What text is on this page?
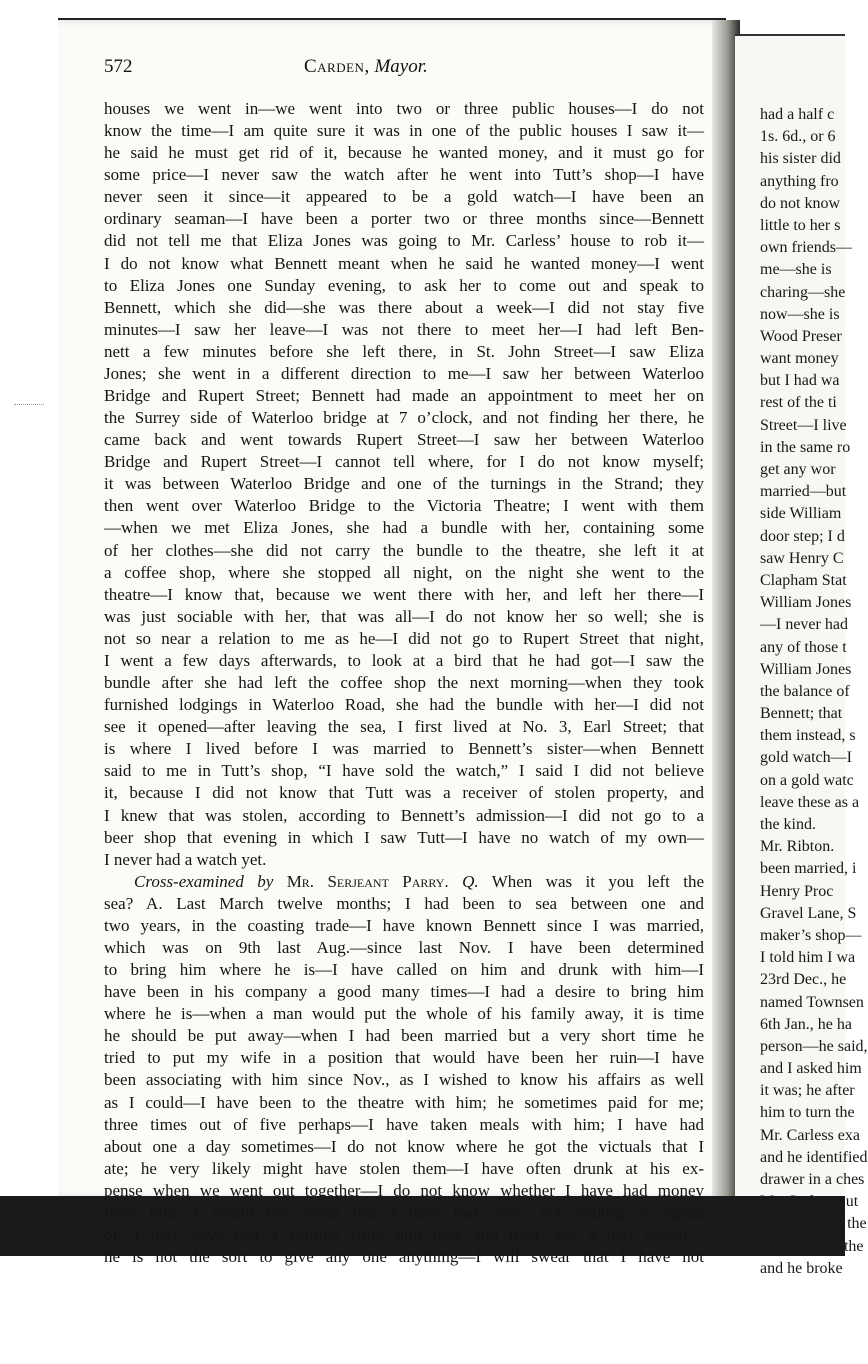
572	Carden, Mayor.
houses we went in—we went into two or three public houses—I do not
know the time—I am quite sure it was in one of the public houses I saw it—
he said he must get rid of it, because he wanted money, and it must go for
some price—I never saw the watch after he went into Tutt’s shop—I have
never seen it since—it appeared to be a gold watch—I have been an
ordinary seaman—I have been a porter two or three months since—Bennett
did not tell me that Eliza Jones was going to Mr. Carless’ house to rob it—
I do not know what Bennett meant when he said he wanted money—I went
to Eliza Jones one Sunday evening, to ask her to come out and speak to
Bennett, which she did—she was there about a week—I did not stay five
minutes—I saw her leave—I was not there to meet her—I had left Ben-
nett a few minutes before she left there, in St. John Street—I saw Eliza
Jones; she went in a different direction to me—I saw her between Waterloo
Bridge and Rupert Street; Bennett had made an appointment to meet her on
the Surrey side of Waterloo bridge at 7 o’clock, and not finding her there, he
came back and went towards Rupert Street—I saw her between Waterloo
Bridge and Rupert Street—I cannot tell where, for I do not know myself;
it was between Waterloo Bridge and one of the turnings in the Strand; they
then went over Waterloo Bridge to the Victoria Theatre; I went with them
—when we met Eliza Jones, she had a bundle with her, containing some
of her clothes—she did not carry the bundle to the theatre, she left it at
a coffee shop, where she stopped all night, on the night she went to the
theatre—I know that, because we went there with her, and left her there—I
was just sociable with her, that was all—I do not know her so well; she is
not so near a relation to me as he—I did not go to Rupert Street that night,
I went a few days afterwards, to look at a bird that he had got—I saw the
bundle after she had left the coffee shop the next morning—when they took
furnished lodgings in Waterloo Road, she had the bundle with her—I did not
see it opened—after leaving the sea, I first lived at No. 3, Earl Street; that
is where I lived before I was married to Bennett’s sister—when Bennett
said to me in Tutt’s shop, “I have sold the watch,” I said I did not believe
it, because I did not know that Tutt was a receiver of stolen property, and
I knew that was stolen, according to Bennett’s admission—I did not go to a
beer shop that evening in which I saw Tutt—I have no watch of my own—
I never had a watch yet.
Cross-examined by Mr. Serjeant Parry. Q. When was it you left the
sea? A. Last March twelve months; I had been to sea between one and
two years, in the coasting trade—I have known Bennett since I was married,
which was on 9th last Aug.—since last Nov. I have been determined
to bring him where he is—I have called on him and drunk with him—I
have been in his company a good many times—I had a desire to bring him
where he is—when a man would put the whole of his family away, it is time
he should be put away—when I had been married but a very short time he
tried to put my wife in a position that would have been her ruin—I have
been associating with him since Nov., as I wished to know his affairs as well
as I could—I have been to the theatre with him; he sometimes paid for me;
three times out of five perhaps—I have taken meals with him; I have had
about one a day sometimes—I do not know where he got the victuals that I
ate; he very likely might have stolen them—I have often drunk at his ex-
pense when we went out together—I do not know whether I have had money
from him—I would not swear that I have had none, but nothing to speak
of; I may have had a shilling from him now and then—not a half crown—
he is not the sort to give any one anything—I will swear that I have not
had a half c
1s. 6d., or 6
his sister did
anything fro
do not know
little to her s
own friends—
me—she is
charing—she
now—she is
Wood Preser
want money
but I had wa
rest of the ti
Street—I live
in the same ro
get any wor
married—but
side William
door step; I d
saw Henry C
Clapham Stat
William Jones
—I never had
any of those t
William Jones
the balance of
Bennett; that
them instead, s
gold watch—I
on a gold watc
leave these as a
the kind.
Mr. Ribton.
been married, i
Henry Proc
Gravel Lane, S
maker’s shop—
I told him I wa
23rd Dec., he
named Townsen
6th Jan., he ha
person—he said,
and I asked him
it was; he after
him to turn the
Mr. Carless exa
and he identified
drawer in a ches
Mr. Carless out
and searched the
of drawers—the
and he broke
